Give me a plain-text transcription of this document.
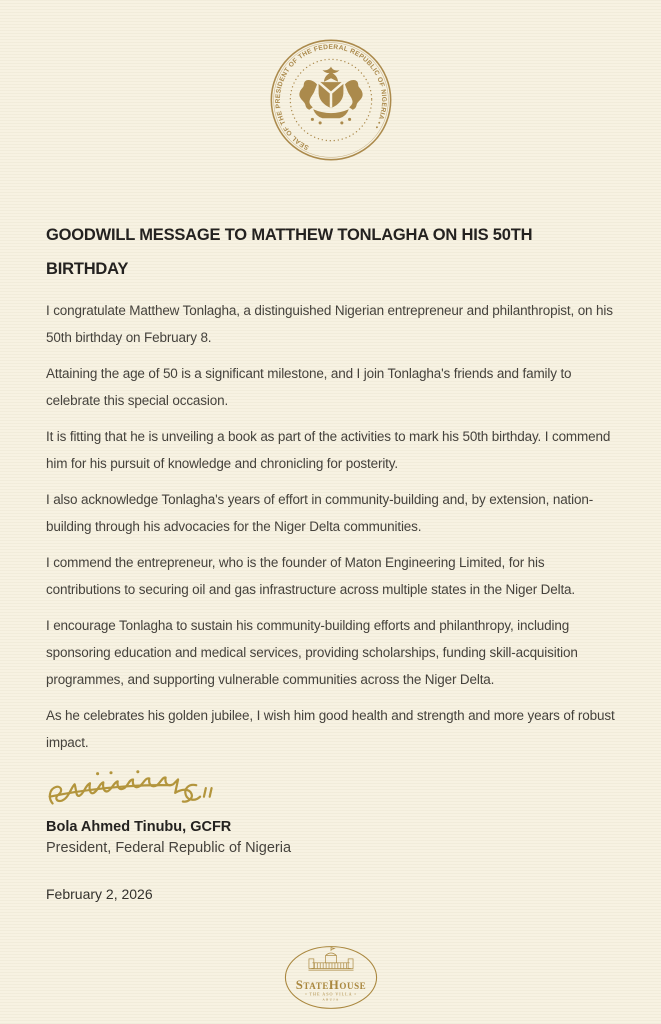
SEAL OF THE PRESIDENT OF THE FEDERAL REPUBLIC OF NIGERIA • •
GOODWILL MESSAGE TO MATTHEW TONLAGHA ON HIS 50TH BIRTHDAY

I congratulate Matthew Tonlagha, a distinguished Nigerian entrepreneur and philanthropist, on his 50th birthday on February 8.

Attaining the age of 50 is a significant milestone, and I join Tonlagha's friends and family to celebrate this special occasion.

It is fitting that he is unveiling a book as part of the activities to mark his 50th birthday. I commend him for his pursuit of knowledge and chronicling for posterity.

I also acknowledge Tonlagha's years of effort in community-building and, by extension, nation-building through his advocacies for the Niger Delta communities.

I commend the entrepreneur, who is the founder of Maton Engineering Limited, for his contributions to securing oil and gas infrastructure across multiple states in the Niger Delta.

I encourage Tonlagha to sustain his community-building efforts and philanthropy, including sponsoring education and medical services, providing scholarships, funding skill-acquisition programmes, and supporting vulnerable communities across the Niger Delta.

As he celebrates his golden jubilee, I wish him good health and strength and more years of robust impact.

Bola Ahmed Tinubu, GCFR
President, Federal Republic of Nigeria
February 2, 2026
StateHouse
• THE ASO VILLA •
ABUJA
